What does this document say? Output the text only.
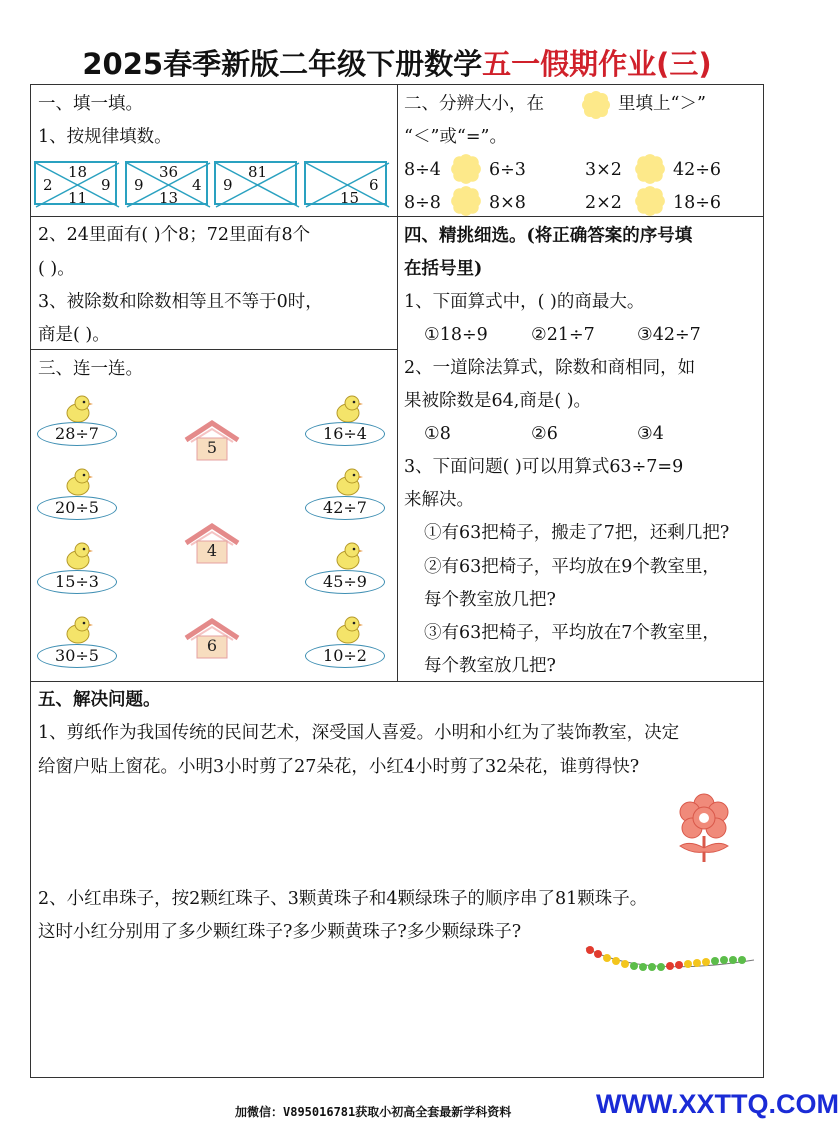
2025春季新版二年级下册数学五一假期作业(三)
一、填一填。
1、按规律填数。
18
2	9
11
36
9	4
13
81
9	6
15
2、24里面有( )个8；72里面有8个
( )。
3、被除数和除数相等且不等于0时，
商是( )。
二、分辨大小，在	里填上“＞”
“＜”或“=”。
8÷4	6÷3	3×2	42÷6
8÷8	8×8	2×2	18÷6
三、连一连。
28÷7
20÷5
15÷3
30÷5
16÷4
42÷7
45÷9
10÷2
5
4
6
四、精挑细选。(将正确答案的序号填
在括号里)
1、下面算式中，( )的商最大。
①18÷9 ②21÷7 ③42÷7
2、一道除法算式，除数和商相同，如
果被除数是64,商是( )。
①8	②6	③4
3、下面问题( )可以用算式63÷7=9
来解决。
①有63把椅子，搬走了7把，还剩几把?
②有63把椅子，平均放在9个教室里，
每个教室放几把?
③有63把椅子，平均放在7个教室里，
每个教室放几把?
五、解决问题。
1、剪纸作为我国传统的民间艺术，深受国人喜爱。小明和小红为了装饰教室，决定
给窗户贴上窗花。小明3小时剪了27朵花，小红4小时剪了32朵花，谁剪得快?
2、小红串珠子，按2颗红珠子、3颗黄珠子和4颗绿珠子的顺序串了81颗珠子。
这时小红分别用了多少颗红珠子?多少颗黄珠子?多少颗绿珠子?
加微信：V895016781获取小初高全套最新学科资料	WWW.XXTTQ.COM
